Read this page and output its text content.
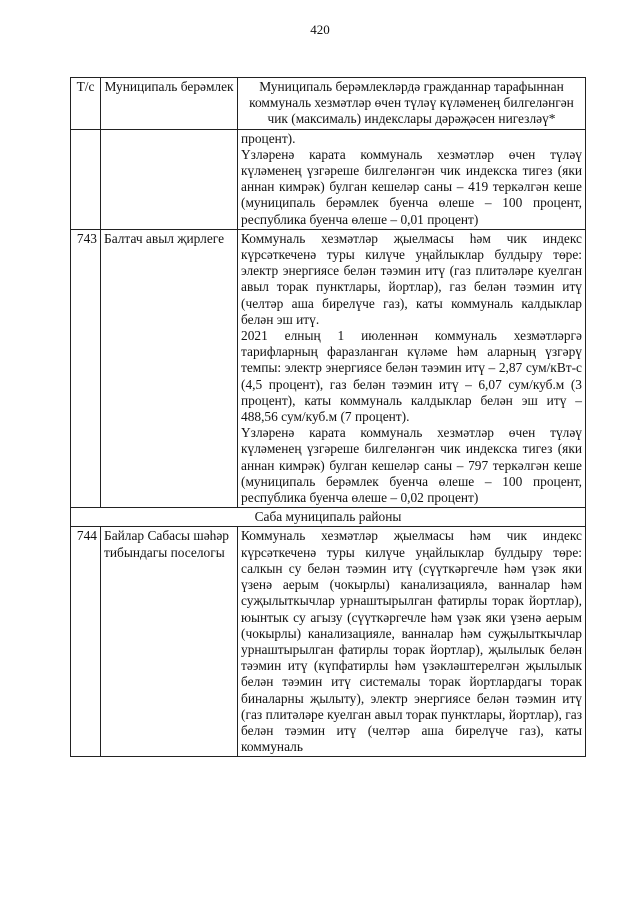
420
Т/с	Муниципаль берәмлек	Муниципаль берәмлекләрдә гражданнар тарафыннан коммуналь хезмәтләр өчен түләү күләменең билгеләнгән чик (максималь) индекслары дәрәҗәсен нигезләү*

		процент).

Үзләренә карата коммуналь хезмәтләр өчен түләү күләменең үзгәреше билгеләнгән чик индекска тигез (яки аннан кимрәк) булган кешеләр саны – 419 теркәлгән кеше (муниципаль берәмлек буенча өлеше – 100 процент, республика буенча өлеше – 0,01 процент)

743	Балтач авыл җирлеге	Коммуналь хезмәтләр җыелмасы һәм чик индекс күрсәткеченә туры килүче уңайлыклар булдыру төре: электр энергиясе белән тәэмин итү (газ плитәләре куелган авыл торак пунктлары, йортлар), газ белән тәэмин итү (челтәр аша бирелүче газ), каты коммуналь калдыклар белән эш итү.

2021 елның 1 июленнән коммуналь хезмәтләргә тарифларның фаразланган күләме һәм аларның үзгәрү темпы: электр энергиясе белән тәэмин итү – 2,87 сум/кВт-с (4,5 процент), газ белән тәэмин итү – 6,07 сум/куб.м (3 процент), каты коммуналь калдыклар белән эш итү – 488,56 сум/куб.м (7 процент).

Үзләренә карата коммуналь хезмәтләр өчен түләү күләменең үзгәреше билгеләнгән чик индекска тигез (яки аннан кимрәк) булган кешеләр саны – 797 теркәлгән кеше (муниципаль берәмлек буенча өлеше – 100 процент, республика буенча өлеше – 0,02 процент)

Саба муниципаль районы		
744	Байлар Сабасы шәһәр тибындагы поселогы	Коммуналь хезмәтләр җыелмасы һәм чик индекс күрсәткеченә туры килүче уңайлыклар булдыру төре: салкын су белән тәэмин итү (сүүткәргечле һәм үзәк яки үзенә аерым (чокырлы) канализациялә, ванналар һәм суҗылыткычлар урнаштырылган фатирлы торак йортлар), юынтык су агызу (сүүткәргечле һәм үзәк яки үзенә аерым (чокырлы) канализацияле, ванналар һәм суҗылыткычлар урнаштырылган фатирлы торак йортлар), җылылык белән тәэмин итү (күпфатирлы һәм үзәкләштерелгән җылылык белән тәэмин итү системалы торак йортлардагы торак биналарны җылыту), электр энергиясе белән тәэмин итү (газ плитәләре куелган авыл торак пунктлары, йортлар), газ белән тәэмин итү (челтәр аша бирелүче газ), каты коммуналь
